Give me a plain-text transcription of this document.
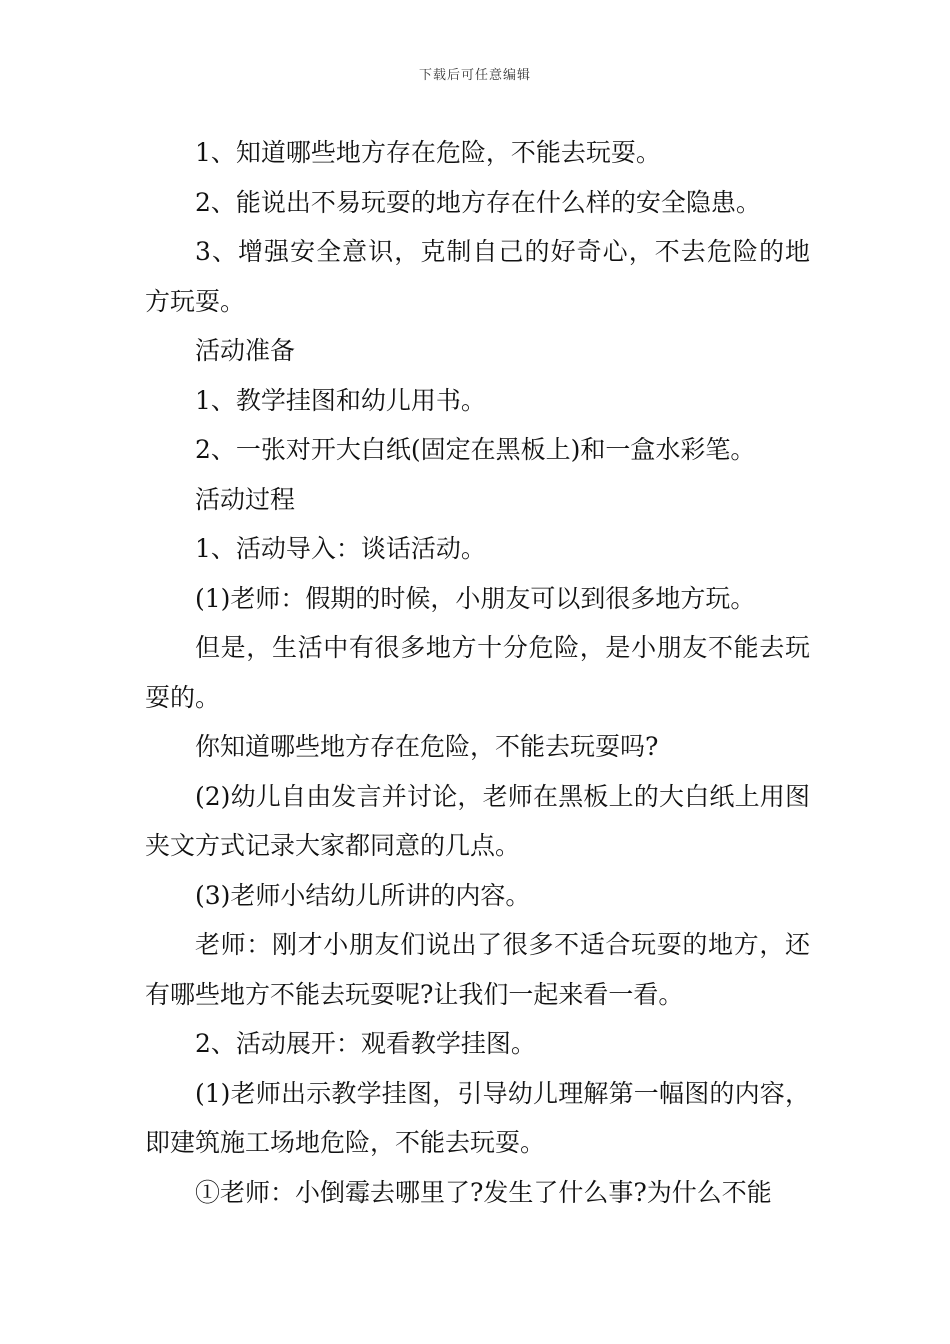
下载后可任意编辑

1、知道哪些地方存在危险，不能去玩耍。

2、能说出不易玩耍的地方存在什么样的安全隐患。

3、增强安全意识，克制自己的好奇心，不去危险的地方玩耍。

活动准备

1、教学挂图和幼儿用书。

2、一张对开大白纸(固定在黑板上)和一盒水彩笔。

活动过程

1、活动导入：谈话活动。

(1)老师：假期的时候，小朋友可以到很多地方玩。

但是，生活中有很多地方十分危险，是小朋友不能去玩耍的。

你知道哪些地方存在危险，不能去玩耍吗?

(2)幼儿自由发言并讨论，老师在黑板上的大白纸上用图夹文方式记录大家都同意的几点。

(3)老师小结幼儿所讲的内容。

老师：刚才小朋友们说出了很多不适合玩耍的地方，还有哪些地方不能去玩耍呢?让我们一起来看一看。

2、活动展开：观看教学挂图。

(1)老师出示教学挂图，引导幼儿理解第一幅图的内容，即建筑施工场地危险，不能去玩耍。

①老师：小倒霉去哪里了?发生了什么事?为什么不能
